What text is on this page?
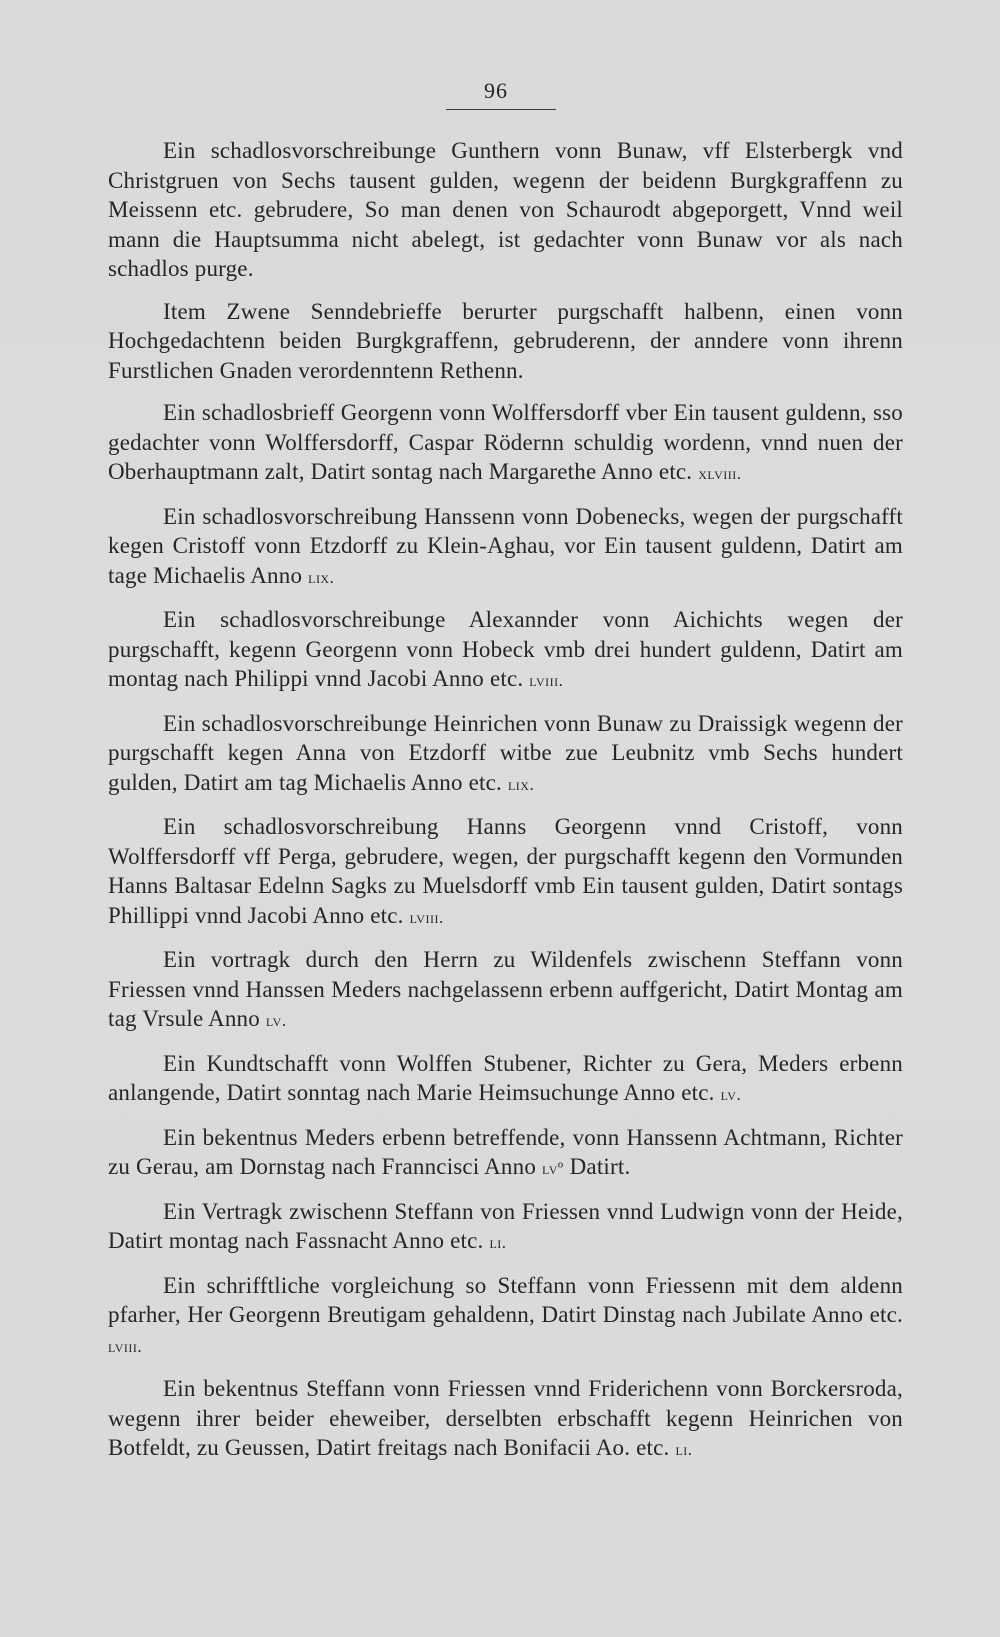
96

Ein schadlosvorschreibunge Gunthern vonn Bunaw, vff Elsterbergk vnd Christgruen von Sechs tausent gulden, wegenn der beidenn Burgkgraffenn zu Meissenn etc. gebrudere, So man denen von Schaurodt abgeporgett, Vnnd weil mann die Hauptsumma nicht abelegt, ist gedachter vonn Bunaw vor als nach schadlos purge.

Item Zwene Senndebrieffe berurter purgschafft halbenn, einen vonn Hochgedachtenn beiden Burgkgraffenn, gebruderenn, der anndere vonn ihrenn Furstlichen Gnaden verordenntenn Rethenn.

Ein schadlosbrieff Georgenn vonn Wolffersdorff vber Ein tausent guldenn, sso gedachter vonn Wolffersdorff, Caspar Rödernn schuldig wordenn, vnnd nuen der Oberhauptmann zalt, Datirt sontag nach Margarethe Anno etc. xlviii.

Ein schadlosvorschreibung Hanssenn vonn Dobenecks, wegen der purgschafft kegen Cristoff vonn Etzdorff zu Klein-Aghau, vor Ein tausent guldenn, Datirt am tage Michaelis Anno lix.

Ein schadlosvorschreibunge Alexannder vonn Aichichts wegen der purgschafft, kegenn Georgenn vonn Hobeck vmb drei hundert guldenn, Datirt am montag nach Philippi vnnd Jacobi Anno etc. lviii.

Ein schadlosvorschreibunge Heinrichen vonn Bunaw zu Draissigk wegenn der purgschafft kegen Anna von Etzdorff witbe zue Leubnitz vmb Sechs hundert gulden, Datirt am tag Michaelis Anno etc. lix.

Ein schadlosvorschreibung Hanns Georgenn vnnd Cristoff, vonn Wolffersdorff vff Perga, gebrudere, wegen, der purgschafft kegenn den Vormunden Hanns Baltasar Edelnn Sagks zu Muelsdorff vmb Ein tausent gulden, Datirt sontags Phillippi vnnd Jacobi Anno etc. lviii.

Ein vortragk durch den Herrn zu Wildenfels zwischenn Steffann vonn Friessen vnnd Hanssen Meders nachgelassenn erbenn auffgericht, Datirt Montag am tag Vrsule Anno lv.

Ein Kundtschafft vonn Wolffen Stubener, Richter zu Gera, Meders erbenn anlangende, Datirt sonntag nach Marie Heimsuchunge Anno etc. lv.

Ein bekentnus Meders erbenn betreffende, vonn Hanssenn Achtmann, Richter zu Gerau, am Dornstag nach Franncisci Anno lvº Datirt.

Ein Vertragk zwischenn Steffann von Friessen vnnd Ludwign vonn der Heide, Datirt montag nach Fassnacht Anno etc. li.

Ein schrifftliche vorgleichung so Steffann vonn Friessenn mit dem aldenn pfarher, Her Georgenn Breutigam gehaldenn, Datirt Dinstag nach Jubilate Anno etc. lviii.

Ein bekentnus Steffann vonn Friessen vnnd Friderichenn vonn Borckersroda, wegenn ihrer beider eheweiber, derselbten erbschafft kegenn Heinrichen von Botfeldt, zu Geussen, Datirt freitags nach Bonifacii Ao. etc. li.
